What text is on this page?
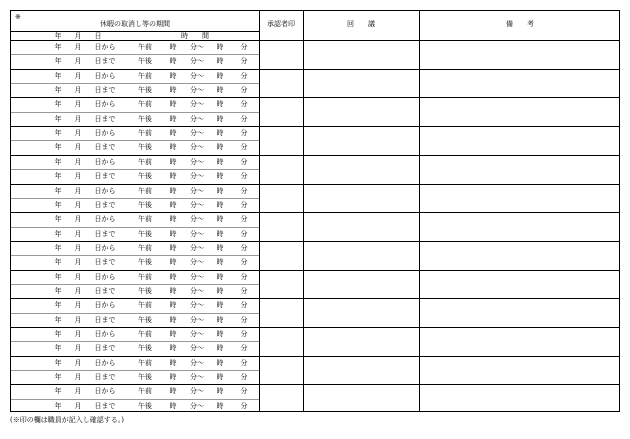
※
休暇の取消し等の期間	承認者印	回　　議	備　　考
年 月 日	時　　間
年 月 日から	午前	時 分～ 時 分
年 月 日まで	午後	時 分～ 時 分
年 月 日から	午前	時 分～ 時 分
年 月 日まで	午後	時 分～ 時 分
年 月 日から	午前	時 分～ 時 分
年 月 日まで	午後	時 分～ 時 分
年 月 日から	午前	時 分～ 時 分
年 月 日まで	午後	時 分～ 時 分
年 月 日から	午前	時 分～ 時 分
年 月 日まで	午後	時 分～ 時 分
年 月 日から	午前	時 分～ 時 分
年 月 日まで	午後	時 分～ 時 分
年 月 日から	午前	時 分～ 時 分
年 月 日まで	午後	時 分～ 時 分
年 月 日から	午前	時 分～ 時 分
年 月 日まで	午後	時 分～ 時 分
年 月 日から	午前	時 分～ 時 分
年 月 日まで	午後	時 分～ 時 分
年 月 日から	午前	時 分～ 時 分
年 月 日まで	午後	時 分～ 時 分
年 月 日から	午前	時 分～ 時 分
年 月 日まで	午後	時 分～ 時 分
年 月 日から	午前	時 分～ 時 分
年 月 日まで	午後	時 分～ 時 分
年 月 日から	午前	時 分～ 時 分
年 月 日まで	午後	時 分～ 時 分
(※印の欄は職員が記入し確認する。)
